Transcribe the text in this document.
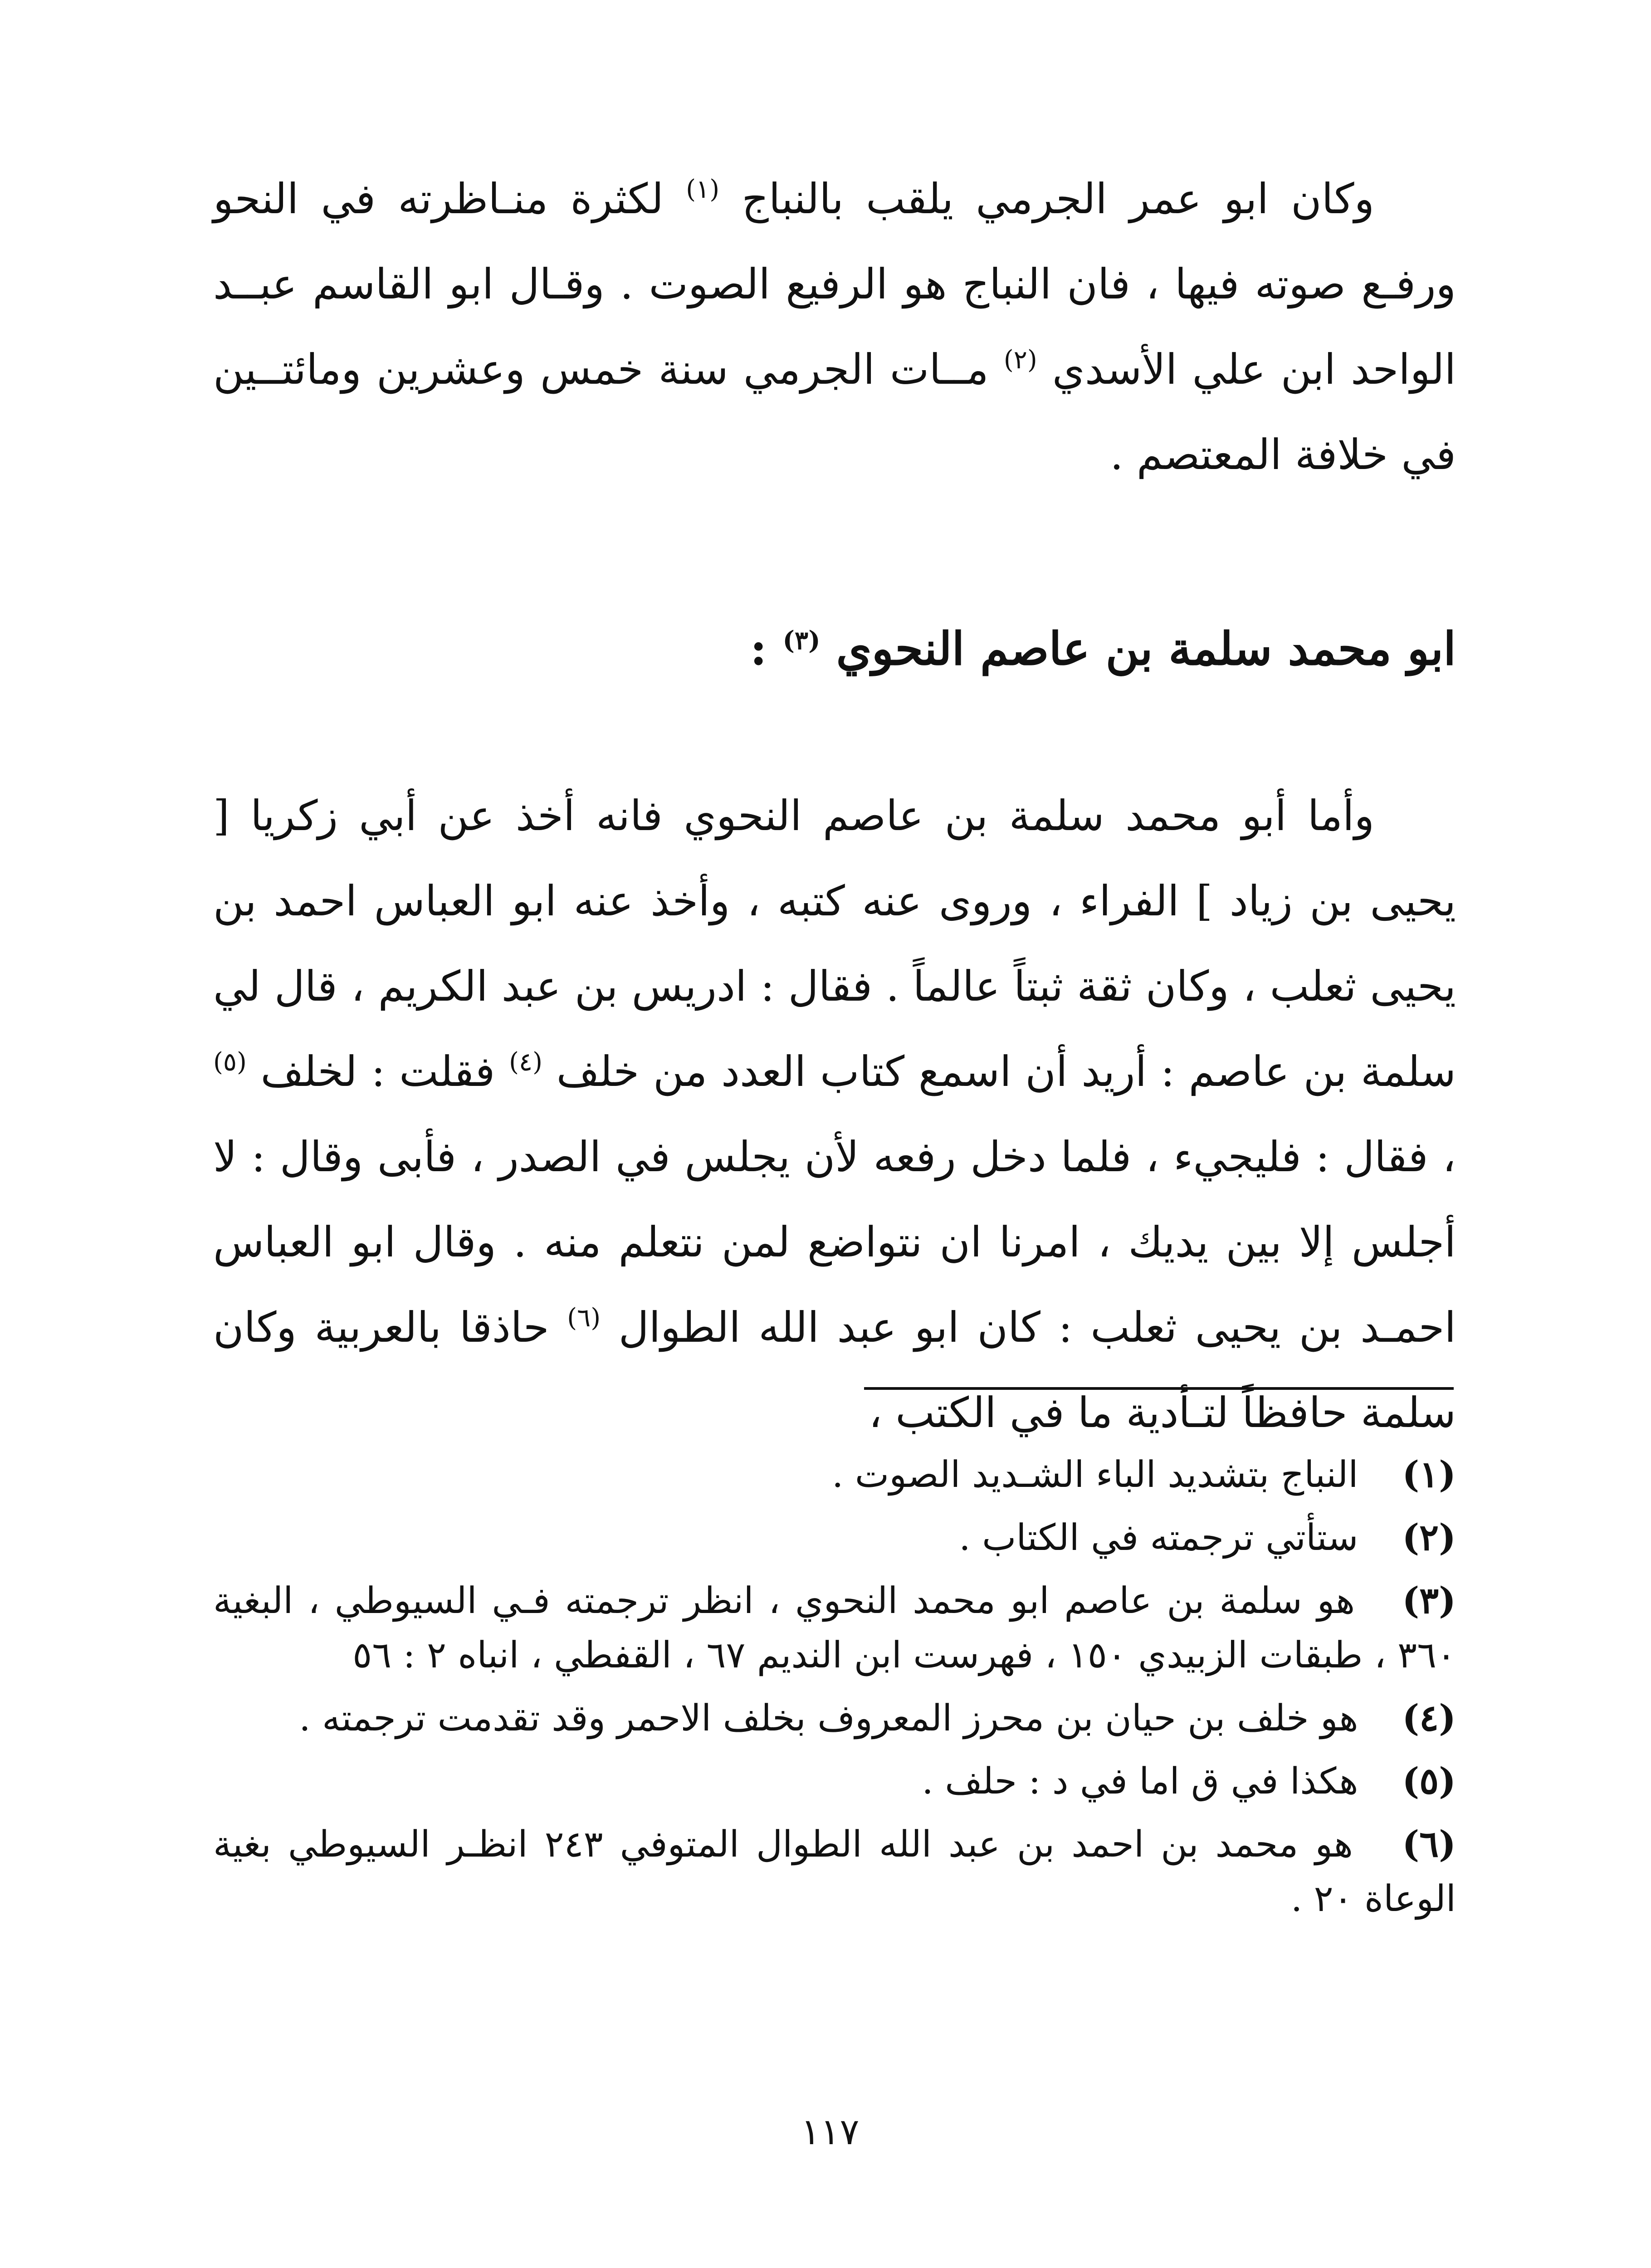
وكان ابو عمر الجرمي يلقب بالنباج $^{(١)}$ لكثرة منـاظرته في النحو ورفـع صوته فيها ، فان النباج هو الرفيع الصوت . وقـال ابو القاسم عبــد الواحد ابن علي الأسدي $^{(٢)}$ مــات الجرمي سنة خمس وعشرين ومائتــين في خلافة المعتصم .

ابو محمد سلمة بن عاصم النحوي $^{(٣)}$ :

وأما أبو محمد سلمة بن عاصم النحوي فانه أخذ عن أبي زكريا [ يحيى بن زياد ] الفراء ، وروى عنه كتبه ، وأخذ عنه ابو العباس احمد بن يحيى ثعلب ، وكان ثقة ثبتاً عالماً . فقال : ادريس بن عبد الكريم ، قال لي سلمة بن عاصم : أريد أن اسمع كتاب العدد من خلف $^{(٤)}$ فقلت : لخلف $^{(٥)}$ ، فقال : فليجيء ، فلما دخل رفعه لأن يجلس في الصدر ، فأبى وقال : لا أجلس إلا بين يديك ، امرنا ان نتواضع لمن نتعلم منه . وقال ابو العباس احمـد بن يحيى ثعلب : كان ابو عبد الله الطوال $^{(٦)}$ حاذقا بالعربية وكان سلمة حافظاً لتـأدية ما في الكتب ،

(١) النباج بتشديد الباء الشـديد الصوت .
(٢) ستأتي ترجمته في الكتاب .
(٣) هو سلمة بن عاصم ابو محمد النحوي ، انظر ترجمته فـي السيوطي ، البغية ٣٦٠ ، طبقات الزبيدي ١٥٠ ، فهرست ابن النديم ٦٧ ، القفطي ، انباه ٢ : ٥٦
(٤) هو خلف بن حيان بن محرز المعروف بخلف الاحمر وقد تقدمت ترجمته .
(٥) هكذا في ق اما في د : حلف .
(٦) هو محمد بن احمد بن عبد الله الطوال المتوفي ٢٤٣ انظـر السيوطي بغية الوعاة ٢٠ .
١١٧
